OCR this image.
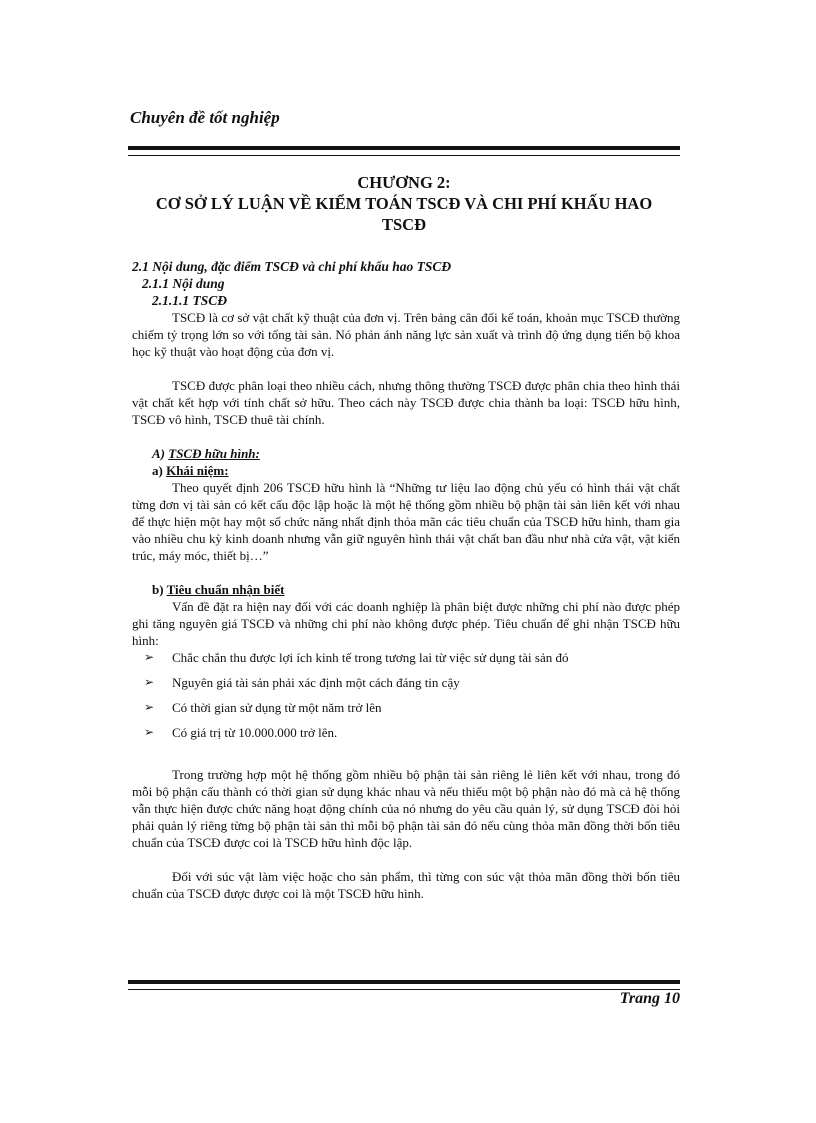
Chuyên đề tốt nghiệp
CHƯƠNG 2:
CƠ SỞ LÝ LUẬN VỀ KIỂM TOÁN TSCĐ VÀ CHI PHÍ KHẤU HAO
TSCĐ

2.1 Nội dung, đặc điểm TSCĐ và chi phí khấu hao TSCĐ

2.1.1 Nội dung

2.1.1.1 TSCĐ

TSCĐ là cơ sở vật chất kỹ thuật của đơn vị. Trên bảng cân đối kế toán, khoản mục TSCĐ thường chiếm tỷ trọng lớn so với tổng tài sản. Nó phản ánh năng lực sản xuất và trình độ ứng dụng tiến bộ khoa học kỹ thuật vào hoạt động của đơn vị.

TSCĐ được phân loại theo nhiều cách, nhưng thông thường TSCĐ được phân chia theo hình thái vật chất kết hợp với tính chất sở hữu. Theo cách này TSCĐ được chia thành ba loại: TSCĐ hữu hình, TSCĐ vô hình, TSCĐ thuê tài chính.

A) TSCĐ hữu hình:

a) Khái niệm:

Theo quyết định 206 TSCĐ hữu hình là “Những tư liệu lao động chủ yếu có hình thái vật chất từng đơn vị tài sản có kết cấu độc lập hoặc là một hệ thống gồm nhiều bộ phận tài sản liên kết với nhau để thực hiện một hay một số chức năng nhất định thỏa mãn các tiêu chuẩn của TSCĐ hữu hình, tham gia vào nhiều chu kỳ kinh doanh nhưng vẫn giữ nguyên hình thái vật chất ban đầu như nhà cửa vật, vật kiến trúc, máy móc, thiết bị…”

b) Tiêu chuẩn nhận biết

Vấn đề đặt ra hiện nay đối với các doanh nghiệp là phân biệt được những chi phí nào được phép ghi tăng nguyên giá TSCĐ và những chi phí nào không được phép. Tiêu chuẩn để ghi nhận TSCĐ hữu hình:

➢ Chắc chắn thu được lợi ích kinh tế trong tương lai từ việc sử dụng tài sản đó
➢ Nguyên giá tài sản phải xác định một cách đáng tin cậy
➢ Có thời gian sử dụng từ một năm trở lên
➢ Có giá trị từ 10.000.000 trở lên.

Trong trường hợp một hệ thống gồm nhiều bộ phận tài sản riêng lẻ liên kết với nhau, trong đó mỗi bộ phận cấu thành có thời gian sử dụng khác nhau và nếu thiếu một bộ phận nào đó mà cả hệ thống vẫn thực hiện được chức năng hoạt động chính của nó nhưng do yêu cầu quản lý, sử dụng TSCĐ đòi hỏi phải quản lý riêng từng bộ phận tài sản thì mỗi bộ phận tài sản đó nếu cùng thỏa mãn đồng thời bốn tiêu chuẩn của TSCĐ được coi là TSCĐ hữu hình độc lập.

Đối với súc vật làm việc hoặc cho sản phẩm, thì từng con súc vật thỏa mãn đồng thời bốn tiêu chuẩn của TSCĐ được được coi là một TSCĐ hữu hình.

Trang 10
